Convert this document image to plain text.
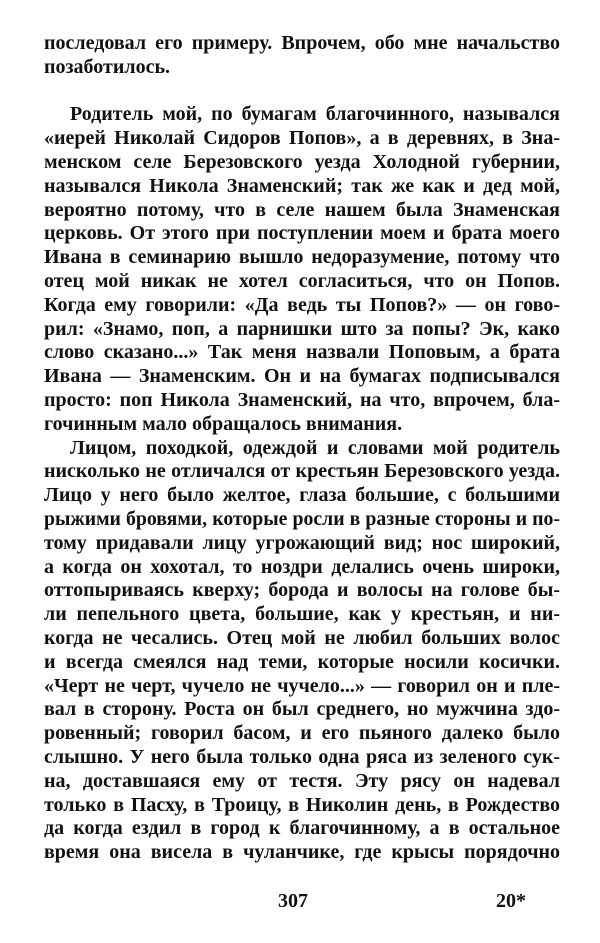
последовал его примеру. Впрочем, обо мне начальство
позаботилось.
Родитель мой, по бумагам благочинного, назывался
«иерей Николай Сидоров Попов», а в деревнях, в Зна-
менском селе Березовского уезда Холодной губернии,
назывался Никола Знаменский; так же как и дед мой,
вероятно потому, что в селе нашем была Знаменская
церковь. От этого при поступлении моем и брата моего
Ивана в семинарию вышло недоразумение, потому что
отец мой никак не хотел согласиться, что он Попов.
Когда ему говорили: «Да ведь ты Попов?» — он гово-
рил: «Знамо, поп, а парнишки што за попы? Эк, како
слово сказано...» Так меня назвали Поповым, а брата
Ивана — Знаменским. Он и на бумагах подписывался
просто: поп Никола Знаменский, на что, впрочем, бла-
гочинным мало обращалось внимания.
Лицом, походкой, одеждой и словами мой родитель
нисколько не отличался от крестьян Березовского уезда.
Лицо у него было желтое, глаза большие, с большими
рыжими бровями, которые росли в разные стороны и по-
тому придавали лицу угрожающий вид; нос широкий,
а когда он хохотал, то ноздри делались очень широки,
оттопыриваясь кверху; борода и волосы на голове бы-
ли пепельного цвета, большие, как у крестьян, и ни-
когда не чесались. Отец мой не любил больших волос
и всегда смеялся над теми, которые носили косички.
«Черт не черт, чучело не чучело...» — говорил он и пле-
вал в сторону. Роста он был среднего, но мужчина здо-
ровенный; говорил басом, и его пьяного далеко было
слышно. У него была только одна ряса из зеленого сук-
на, доставшаяся ему от тестя. Эту рясу он надевал
только в Пасху, в Троицу, в Николин день, в Рождество
да когда ездил в город к благочинному, а в остальное
время она висела в чуланчике, где крысы порядочно
307	20*
